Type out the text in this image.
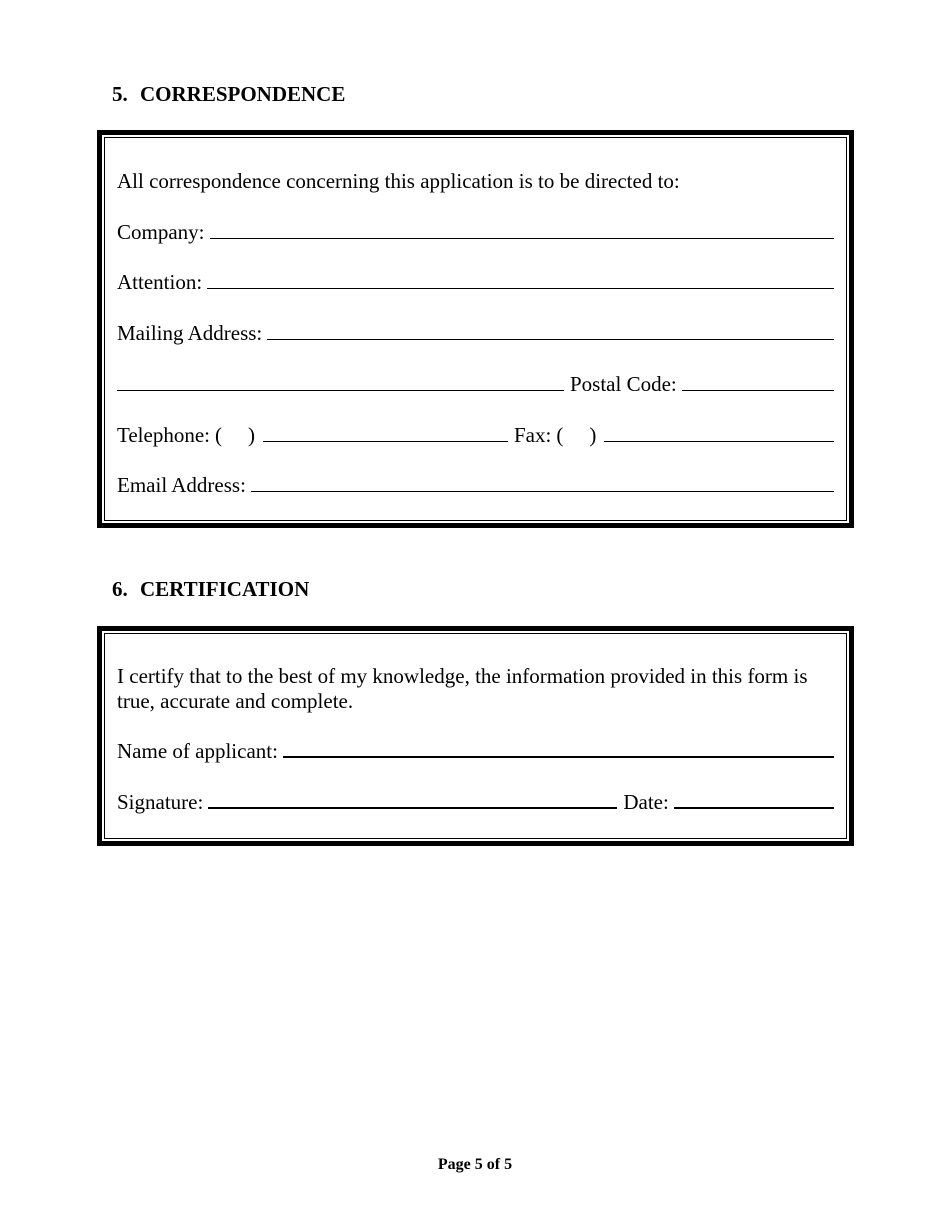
5. CORRESPONDENCE
All correspondence concerning this application is to be directed to:
Company:
Attention:
Mailing Address:
Postal Code:
Telephone: ( )	Fax: ( )
Email Address:
6. CERTIFICATION

I certify that to the best of my knowledge, the information provided in this form is true, accurate and complete.

Name of applicant:
Signature:	Date:
Page 5 of 5
